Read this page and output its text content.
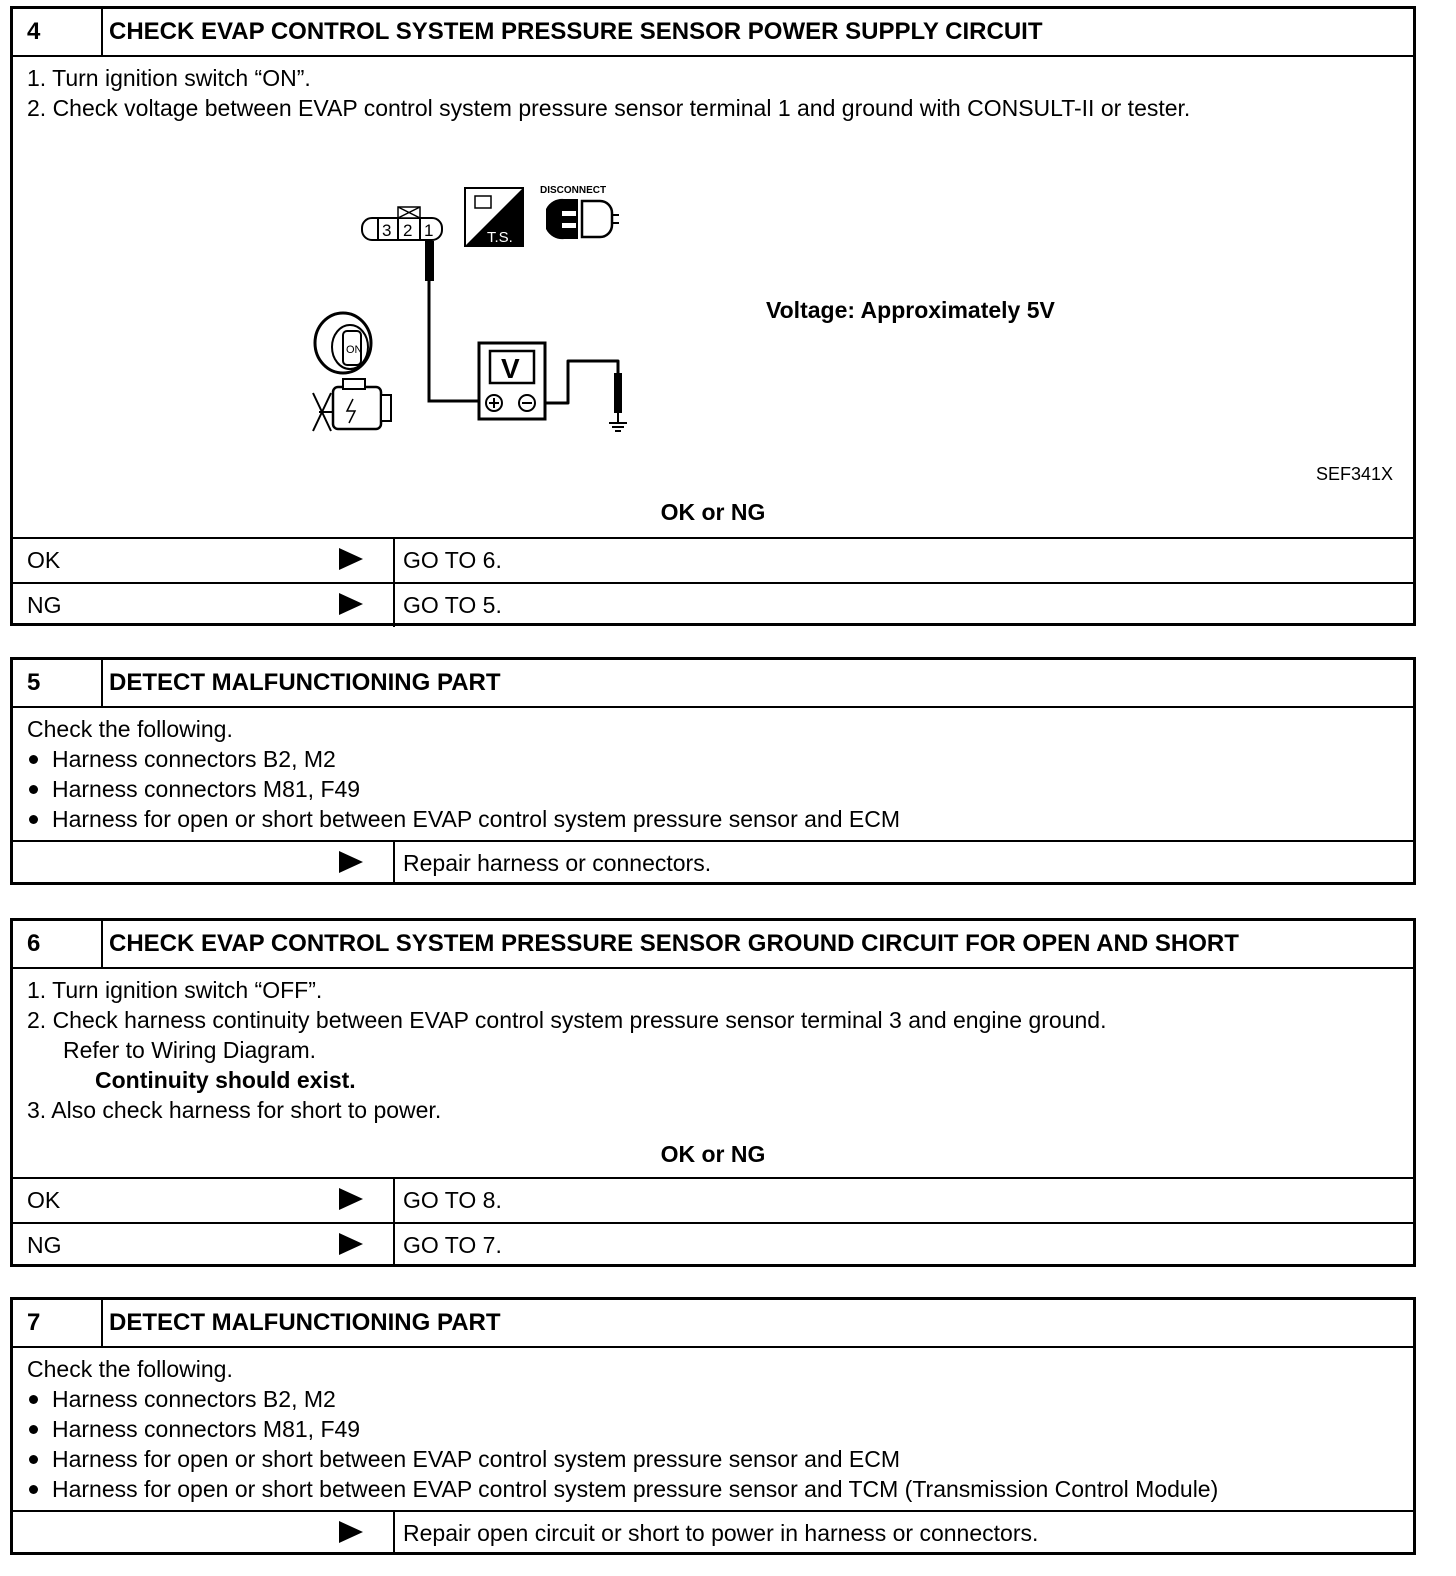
4	CHECK EVAP CONTROL SYSTEM PRESSURE SENSOR POWER SUPPLY CIRCUIT

1. Turn ignition switch “ON”.

2. Check voltage between EVAP control system pressure sensor terminal 1 and ground with CONSULT-II or tester.

3 2 1
V
T.S.
DISCONNECT
ON
Voltage: Approximately 5V
SEF341X
OK or NG
OK	GO TO 6.
NG	GO TO 5.
5	DETECT MALFUNCTIONING PART

Check the following.

Harness connectors B2, M2

Harness connectors M81, F49

Harness for open or short between EVAP control system pressure sensor and ECM

Repair harness or connectors.
6	CHECK EVAP CONTROL SYSTEM PRESSURE SENSOR GROUND CIRCUIT FOR OPEN AND SHORT

1. Turn ignition switch “OFF”.

2. Check harness continuity between EVAP control system pressure sensor terminal 3 and engine ground.

Refer to Wiring Diagram.

Continuity should exist.

3. Also check harness for short to power.

OK or NG
OK	GO TO 8.
NG	GO TO 7.
7	DETECT MALFUNCTIONING PART

Check the following.

Harness connectors B2, M2

Harness connectors M81, F49

Harness for open or short between EVAP control system pressure sensor and ECM

Harness for open or short between EVAP control system pressure sensor and TCM (Transmission Control Module)

Repair open circuit or short to power in harness or connectors.
